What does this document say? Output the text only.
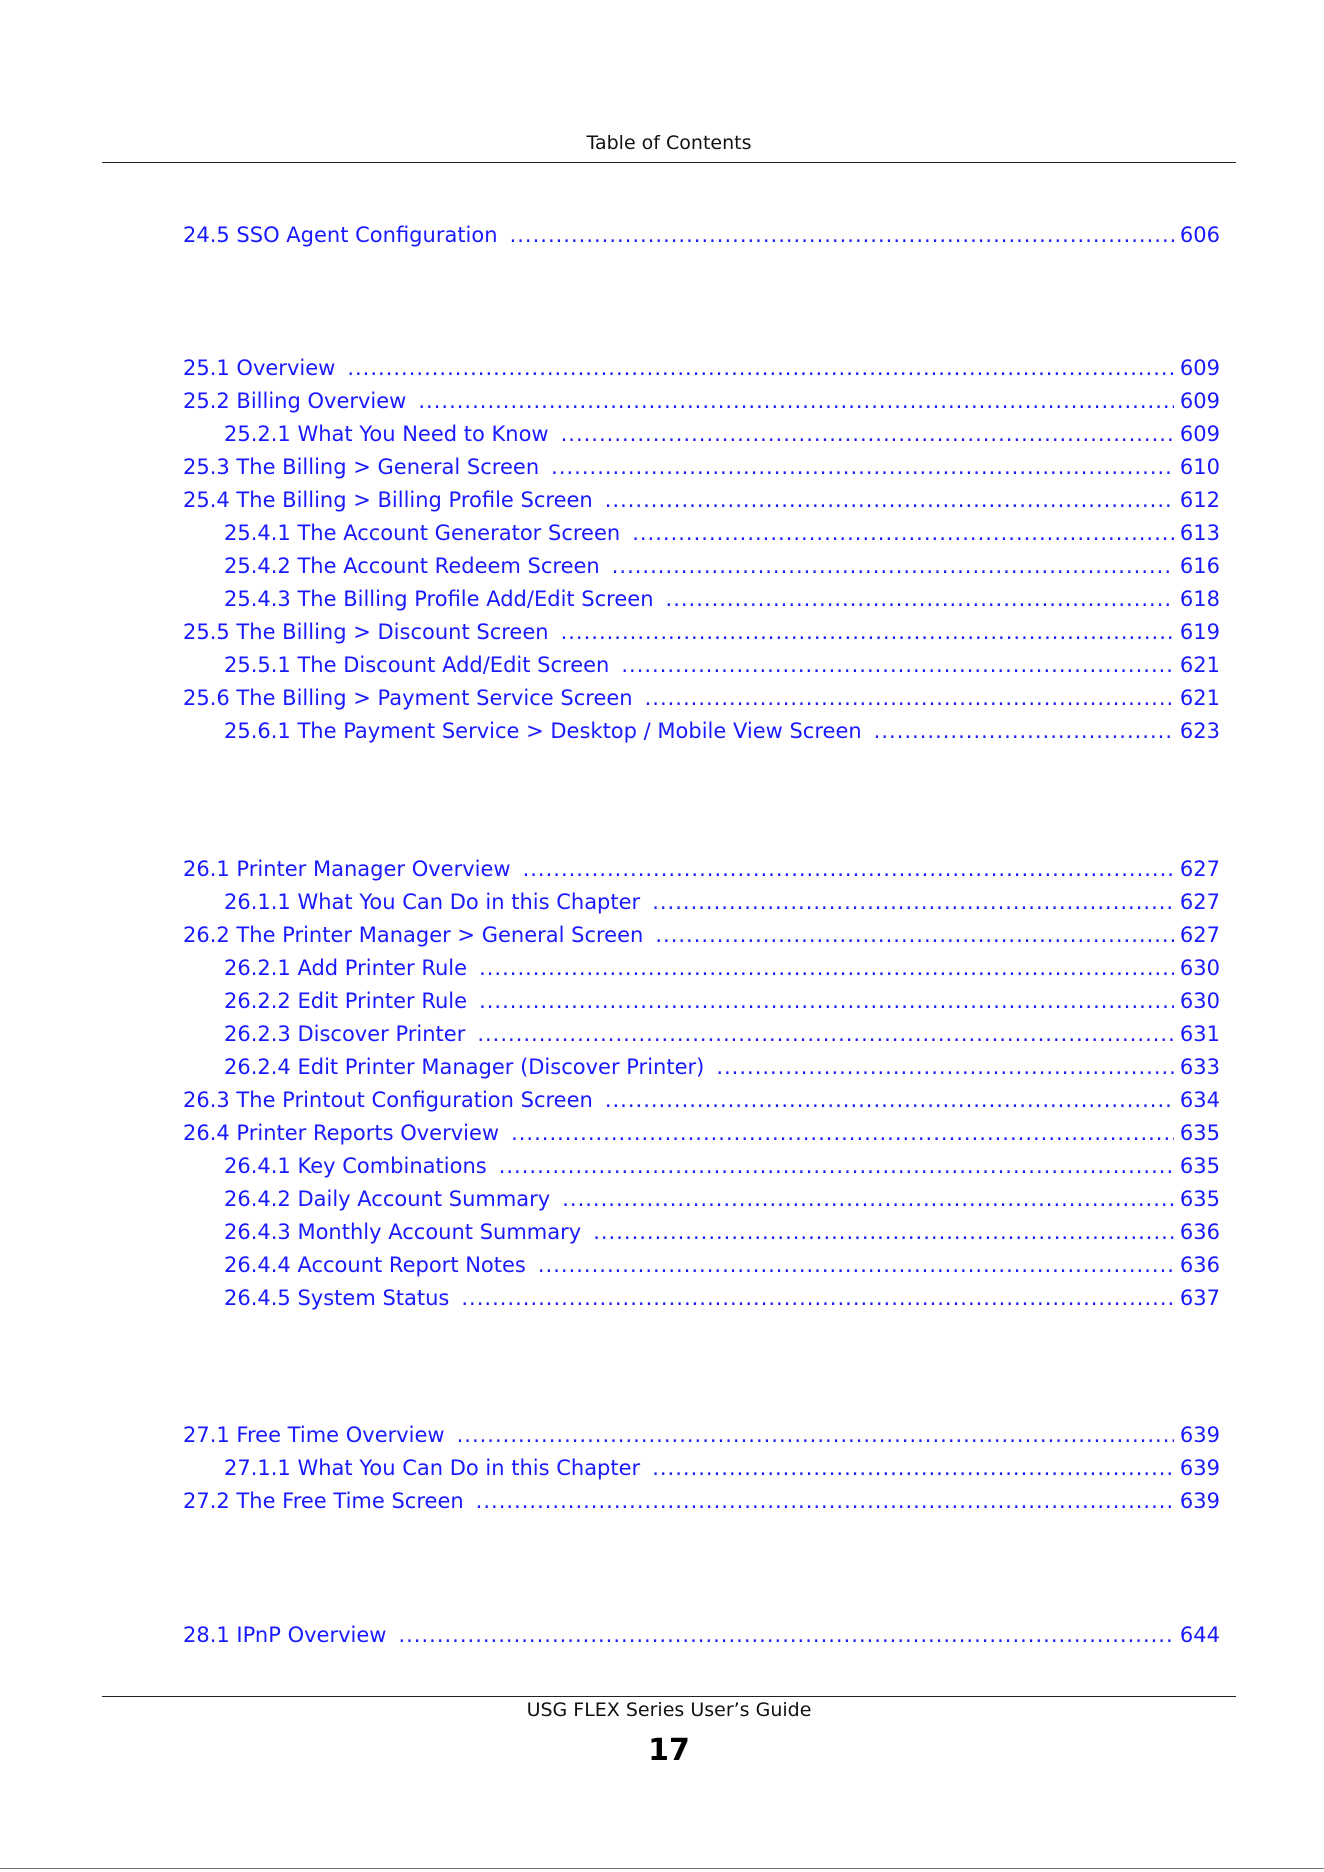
Table of Contents
24.5 SSO Agent Configuration .....	606
25.1 Overview .....	609
25.2 Billing Overview .....	609
25.2.1 What You Need to Know .....	609
25.3 The Billing > General Screen .....	610
25.4 The Billing > Billing Profile Screen .....	612
25.4.1 The Account Generator Screen .....	613
25.4.2 The Account Redeem Screen .....	616
25.4.3 The Billing Profile Add/Edit Screen .....	618
25.5 The Billing > Discount Screen .....	619
25.5.1 The Discount Add/Edit Screen .....	621
25.6 The Billing > Payment Service Screen .....	621
25.6.1 The Payment Service > Desktop / Mobile View Screen .....	623
26.1 Printer Manager Overview .....	627
26.1.1 What You Can Do in this Chapter .....	627
26.2 The Printer Manager > General Screen .....	627
26.2.1 Add Printer Rule .....	630
26.2.2 Edit Printer Rule .....	630
26.2.3 Discover Printer .....	631
26.2.4 Edit Printer Manager (Discover Printer) .....	633
26.3 The Printout Configuration Screen .....	634
26.4 Printer Reports Overview .....	635
26.4.1 Key Combinations .....	635
26.4.2 Daily Account Summary .....	635
26.4.3 Monthly Account Summary .....	636
26.4.4 Account Report Notes .....	636
26.4.5 System Status .....	637
27.1 Free Time Overview .....	639
27.1.1 What You Can Do in this Chapter .....	639
27.2 The Free Time Screen .....	639
28.1 IPnP Overview .....	644
USG FLEX Series User’s Guide
17
